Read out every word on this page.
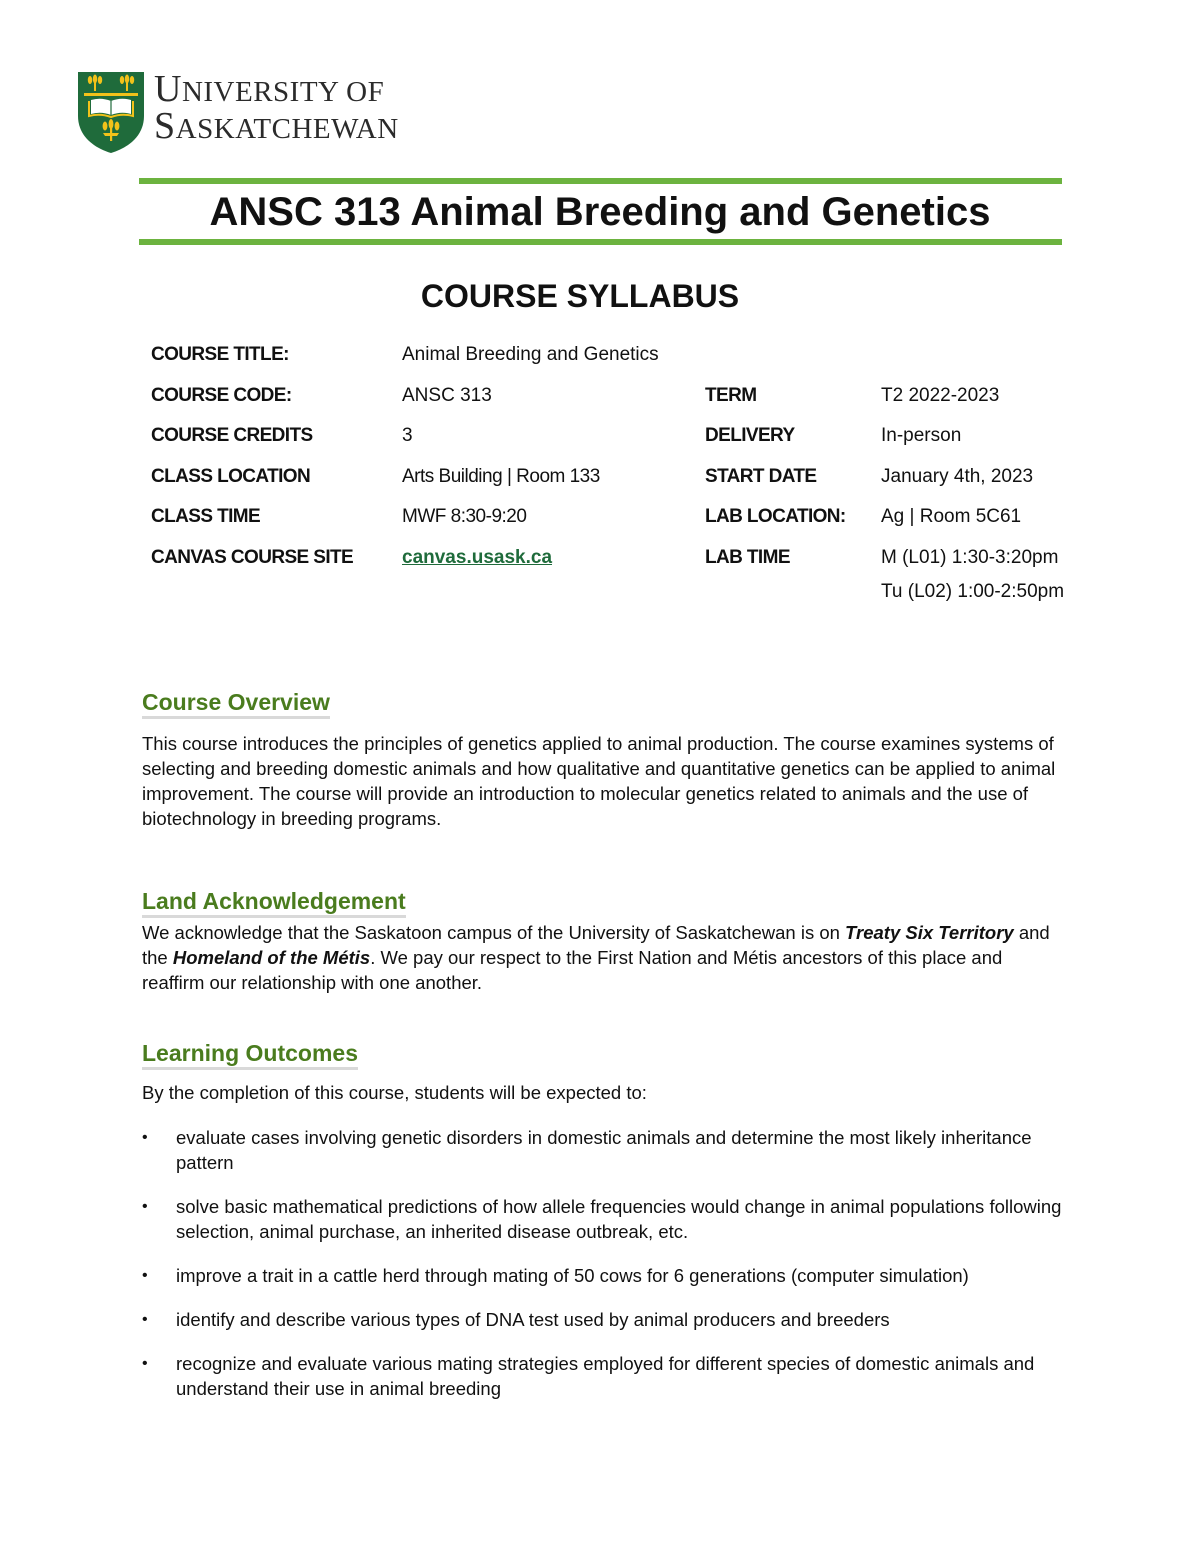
UNIVERSITY OF
SASKATCHEWAN
ANSC 313 Animal Breeding and Genetics
COURSE SYLLABUS
COURSE TITLE:	Animal Breeding and Genetics
COURSE CODE:	ANSC 313	TERM	T2 2022-2023
COURSE CREDITS	3	DELIVERY	In-person
CLASS LOCATION	Arts Building | Room 133	START DATE	January 4th, 2023
CLASS TIME	MWF 8:30-9:20	LAB LOCATION: Ag | Room 5C61
CANVAS COURSE SITE	canvas.usask.ca	LAB TIME	M (L01) 1:30-3:20pm
Tu (L02) 1:00-2:50pm
Course Overview

This course introduces the principles of genetics applied to animal production. The course examines systems of selecting and breeding domestic animals and how qualitative and quantitative genetics can be applied to animal improvement. The course will provide an introduction to molecular genetics related to animals and the use of biotechnology in breeding programs.

Land Acknowledgement

We acknowledge that the Saskatoon campus of the University of Saskatchewan is on Treaty Six Territory and the Homeland of the Métis. We pay our respect to the First Nation and Métis ancestors of this place and reaffirm our relationship with one another.

Learning Outcomes

By the completion of this course, students will be expected to:

• evaluate cases involving genetic disorders in domestic animals and determine the most likely inheritance pattern
• solve basic mathematical predictions of how allele frequencies would change in animal populations following selection, animal purchase, an inherited disease outbreak, etc.
• improve a trait in a cattle herd through mating of 50 cows for 6 generations (computer simulation)
• identify and describe various types of DNA test used by animal producers and breeders
• recognize and evaluate various mating strategies employed for different species of domestic animals and understand their use in animal breeding
